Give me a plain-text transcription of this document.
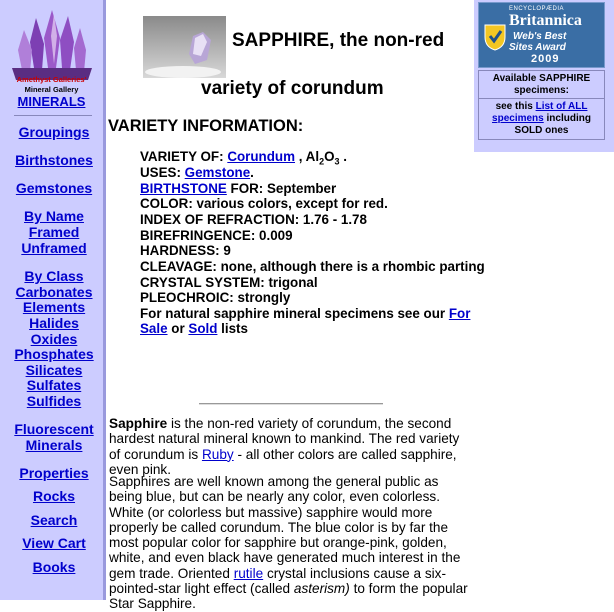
Amethyst Galleries'
Mineral Gallery
MINERALS
Groupings
Birthstones
Gemstones
By Name
Framed
Unframed
By Class
Carbonates
Elements
Halides
Oxides
Phosphates
Silicates
Sulfates
Sulfides
Fluorescent
Minerals
Properties
Rocks
Search
View Cart
Books
ENCYCLOPÆDIA
Britannica
Web's Best
Sites Award
2009
Available SAPPHIRE specimens:
see this List of ALL specimens including
SOLD ones
SAPPHIRE, the non-red
variety of corundum
VARIETY INFORMATION:
VARIETY OF: Corundum , $Al_2O_3$ .
USES: Gemstone.
BIRTHSTONE FOR: September
COLOR: various colors, except for red.
INDEX OF REFRACTION: 1.76 - 1.78
BIREFRINGENCE: 0.009
HARDNESS: 9
CLEAVAGE: none, although there is a rhombic parting
CRYSTAL SYSTEM: trigonal
PLEOCHROIC: strongly
For natural sapphire mineral specimens see our For
Sale or Sold lists
Sapphire is the non-red variety of corundum, the second hardest natural mineral known to mankind. The red variety of corundum is Ruby - all other colors are called sapphire, even pink.
Sapphires are well known among the general public as being blue, but can be nearly any color, even colorless. White (or colorless but massive) sapphire would more properly be called corundum. The blue color is by far the most popular color for sapphire but orange-pink, golden, white, and even black have generated much interest in the gem trade. Oriented rutile crystal inclusions cause a six-pointed-star light effect (called asterism) to form the popular Star Sapphire.
